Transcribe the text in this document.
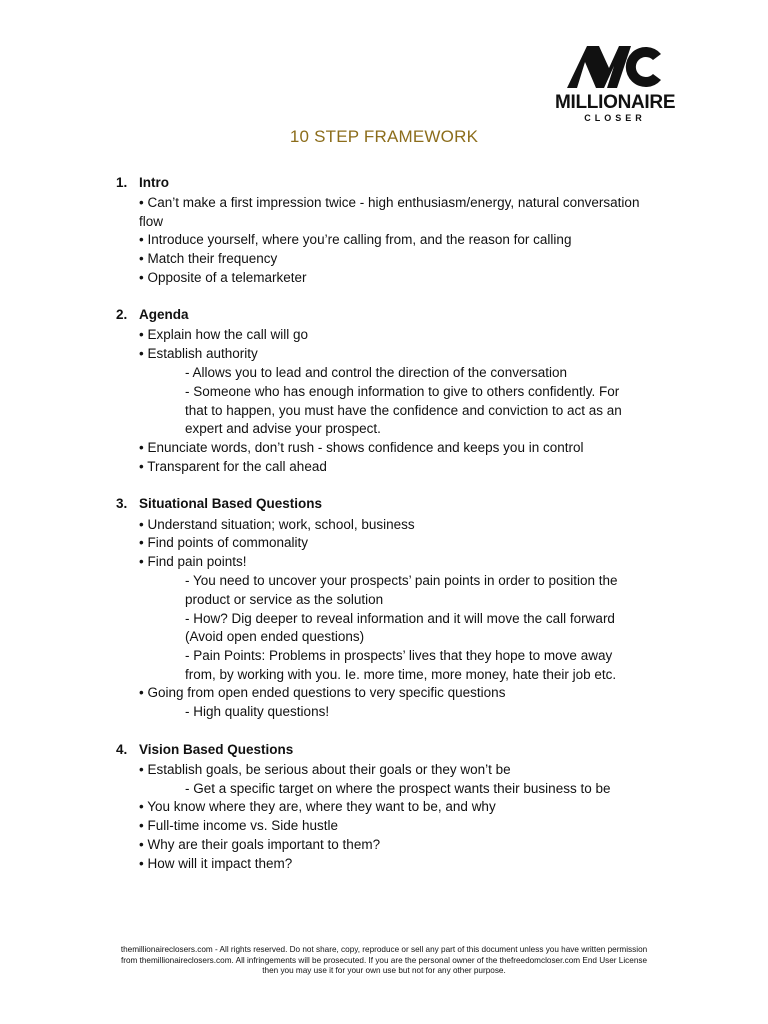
MILLIONAIRE
CLOSER
10 STEP FRAMEWORK
1. Intro
• Can’t make a first impression twice - high enthusiasm/energy, natural conversation
flow
• Introduce yourself, where you’re calling from, and the reason for calling
• Match their frequency
• Opposite of a telemarketer
2. Agenda
• Explain how the call will go
• Establish authority
- Allows you to lead and control the direction of the conversation
- Someone who has enough information to give to others confidently. For
that to happen, you must have the confidence and conviction to act as an
expert and advise your prospect.
• Enunciate words, don’t rush - shows confidence and keeps you in control
• Transparent for the call ahead
3. Situational Based Questions
• Understand situation; work, school, business
• Find points of commonality
• Find pain points!
- You need to uncover your prospects’ pain points in order to position the
product or service as the solution
- How? Dig deeper to reveal information and it will move the call forward
(Avoid open ended questions)
- Pain Points: Problems in prospects’ lives that they hope to move away
from, by working with you. Ie. more time, more money, hate their job etc.
• Going from open ended questions to very specific questions
- High quality questions!
4. Vision Based Questions
• Establish goals, be serious about their goals or they won’t be
- Get a specific target on where the prospect wants their business to be
• You know where they are, where they want to be, and why
• Full-time income vs. Side hustle
• Why are their goals important to them?
• How will it impact them?
themillionaireclosers.com - All rights reserved. Do not share, copy, reproduce or sell any part of this document unless you have written permission
from themillionaireclosers.com. All infringements will be prosecuted. If you are the personal owner of the thefreedomcloser.com End User License
then you may use it for your own use but not for any other purpose.
